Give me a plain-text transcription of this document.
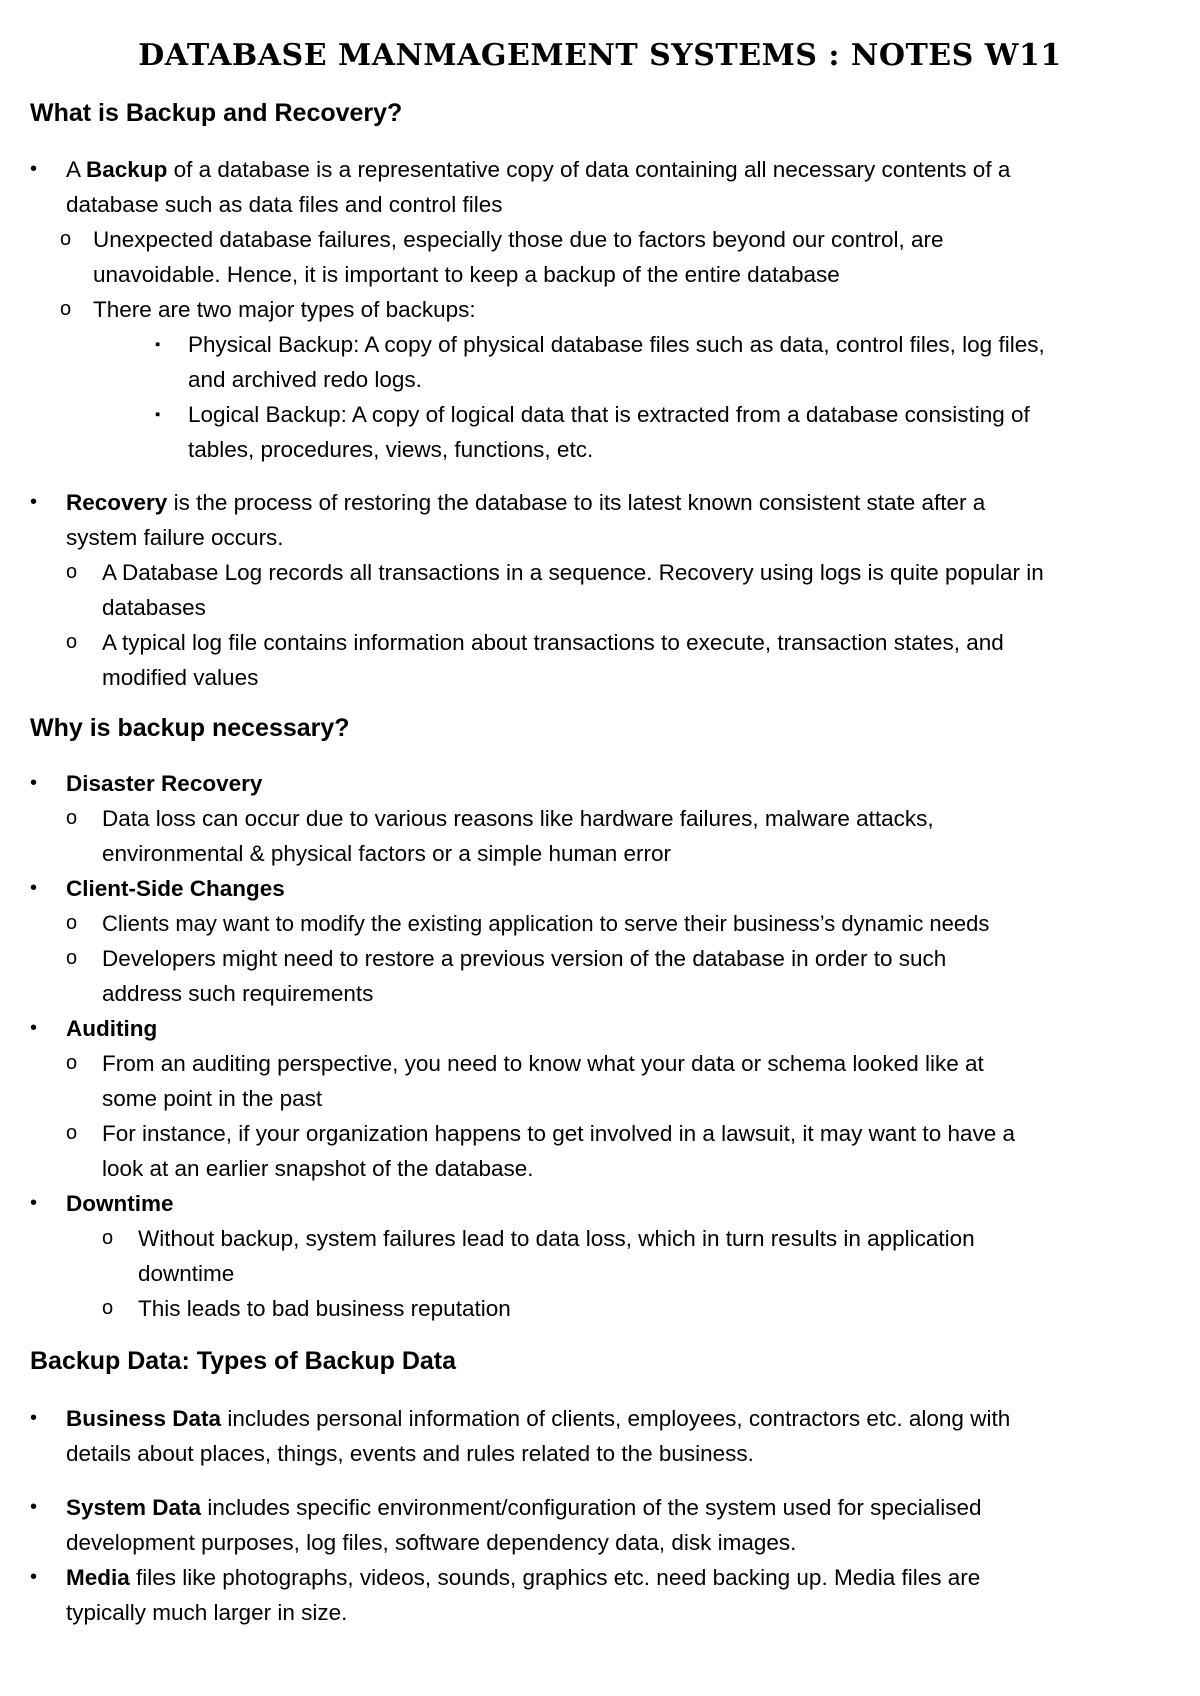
DATABASE MANMAGEMENT SYSTEMS : NOTES W11
What is Backup and Recovery?
• A Backup of a database is a representative copy of data containing all necessary contents of a
database such as data files and control files
o Unexpected database failures, especially those due to factors beyond our control, are
unavoidable. Hence, it is important to keep a backup of the entire database
o There are two major types of backups:
▪ Physical Backup: A copy of physical database files such as data, control files, log files,
and archived redo logs.
▪ Logical Backup: A copy of logical data that is extracted from a database consisting of
tables, procedures, views, functions, etc.
• Recovery is the process of restoring the database to its latest known consistent state after a
system failure occurs.
o A Database Log records all transactions in a sequence. Recovery using logs is quite popular in
databases
o A typical log file contains information about transactions to execute, transaction states, and
modified values
Why is backup necessary?
• Disaster Recovery
o Data loss can occur due to various reasons like hardware failures, malware attacks,
environmental & physical factors or a simple human error
• Client-Side Changes
o Clients may want to modify the existing application to serve their business’s dynamic needs
o Developers might need to restore a previous version of the database in order to such
address such requirements
• Auditing
o From an auditing perspective, you need to know what your data or schema looked like at
some point in the past
o For instance, if your organization happens to get involved in a lawsuit, it may want to have a
look at an earlier snapshot of the database.
• Downtime
o Without backup, system failures lead to data loss, which in turn results in application
downtime
o This leads to bad business reputation
Backup Data: Types of Backup Data
• Business Data includes personal information of clients, employees, contractors etc. along with
details about places, things, events and rules related to the business.
• System Data includes specific environment/configuration of the system used for specialised
development purposes, log files, software dependency data, disk images.
• Media files like photographs, videos, sounds, graphics etc. need backing up. Media files are
typically much larger in size.
